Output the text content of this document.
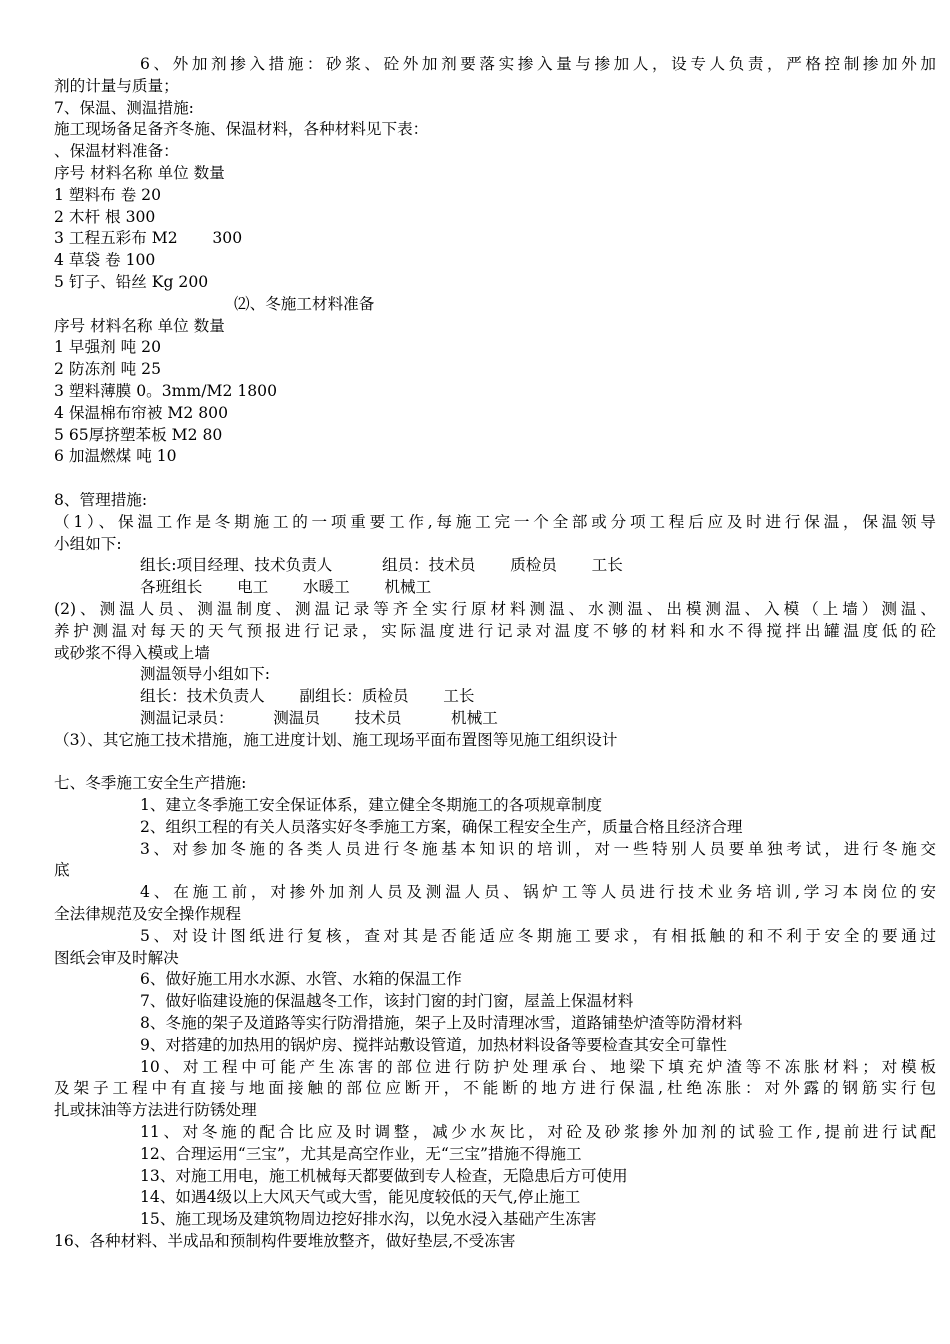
6、外加剂掺入措施：砂浆、砼外加剂要落实掺入量与掺加人，设专人负责，严格控制掺加外加
剂的计量与质量；
7、保温、测温措施:
施工现场备足备齐冬施、保温材料，各种材料见下表：
、保温材料准备：
序号 材料名称 单位 数量
1 塑料布 卷 20
2 木杆 根 300
3 工程五彩布 M2       300
4 草袋 卷 100
5 钉子、铅丝 Kg 200
⑵、冬施工材料准备
序号 材料名称 单位 数量
1 早强剂 吨 20
2 防冻剂 吨 25
3 塑料薄膜 0。3mm/M2 1800
4 保温棉布帘被 M2 800
5 65厚挤塑苯板 M2 80
6 加温燃煤 吨 10
8、管理措施:
（1）、保温工作是冬期施工的一项重要工作,每施工完一个全部或分项工程后应及时进行保温，保温领导
小组如下:
组长:项目经理、技术负责人          组员：技术员       质检员       工长
各班组长       电工       水暖工       机械工
(2)、测温人员、测温制度、测温记录等齐全实行原材料测温、水测温、出模测温、入模（上墙）测温、
养护测温对每天的天气预报进行记录，实际温度进行记录对温度不够的材料和水不得搅拌出罐温度低的砼
或砂浆不得入模或上墙
测温领导小组如下:
组长：技术负责人       副组长：质检员       工长
测温记录员：        测温员       技术员          机械工
（3）、其它施工技术措施，施工进度计划、施工现场平面布置图等见施工组织设计
七、冬季施工安全生产措施:
1、建立冬季施工安全保证体系，建立健全冬期施工的各项规章制度
2、组织工程的有关人员落实好冬季施工方案，确保工程安全生产，质量合格且经济合理
3、对参加冬施的各类人员进行冬施基本知识的培训，对一些特别人员要单独考试，进行冬施交
底
4、在施工前，对掺外加剂人员及测温人员、锅炉工等人员进行技术业务培训,学习本岗位的安
全法律规范及安全操作规程
5、对设计图纸进行复核，查对其是否能适应冬期施工要求，有相抵触的和不利于安全的要通过
图纸会审及时解决
6、做好施工用水水源、水管、水箱的保温工作
7、做好临建设施的保温越冬工作，该封门窗的封门窗，屋盖上保温材料
8、冬施的架子及道路等实行防滑措施，架子上及时清理冰雪，道路铺垫炉渣等防滑材料
9、对搭建的加热用的锅炉房、搅拌站敷设管道，加热材料设备等要检查其安全可靠性
10、对工程中可能产生冻害的部位进行防护处理承台、地梁下填充炉渣等不冻胀材料；对模板
及架子工程中有直接与地面接触的部位应断开，不能断的地方进行保温,杜绝冻胀：对外露的钢筋实行包
扎或抹油等方法进行防锈处理
11、对冬施的配合比应及时调整，减少水灰比，对砼及砂浆掺外加剂的试验工作,提前进行试配
12、合理运用“三宝”，尤其是高空作业，无“三宝”措施不得施工
13、对施工用电，施工机械每天都要做到专人检查，无隐患后方可使用
14、如遇4级以上大风天气或大雪，能见度较低的天气,停止施工
15、施工现场及建筑物周边挖好排水沟，以免水浸入基础产生冻害
16、各种材料、半成品和预制构件要堆放整齐，做好垫层,不受冻害
